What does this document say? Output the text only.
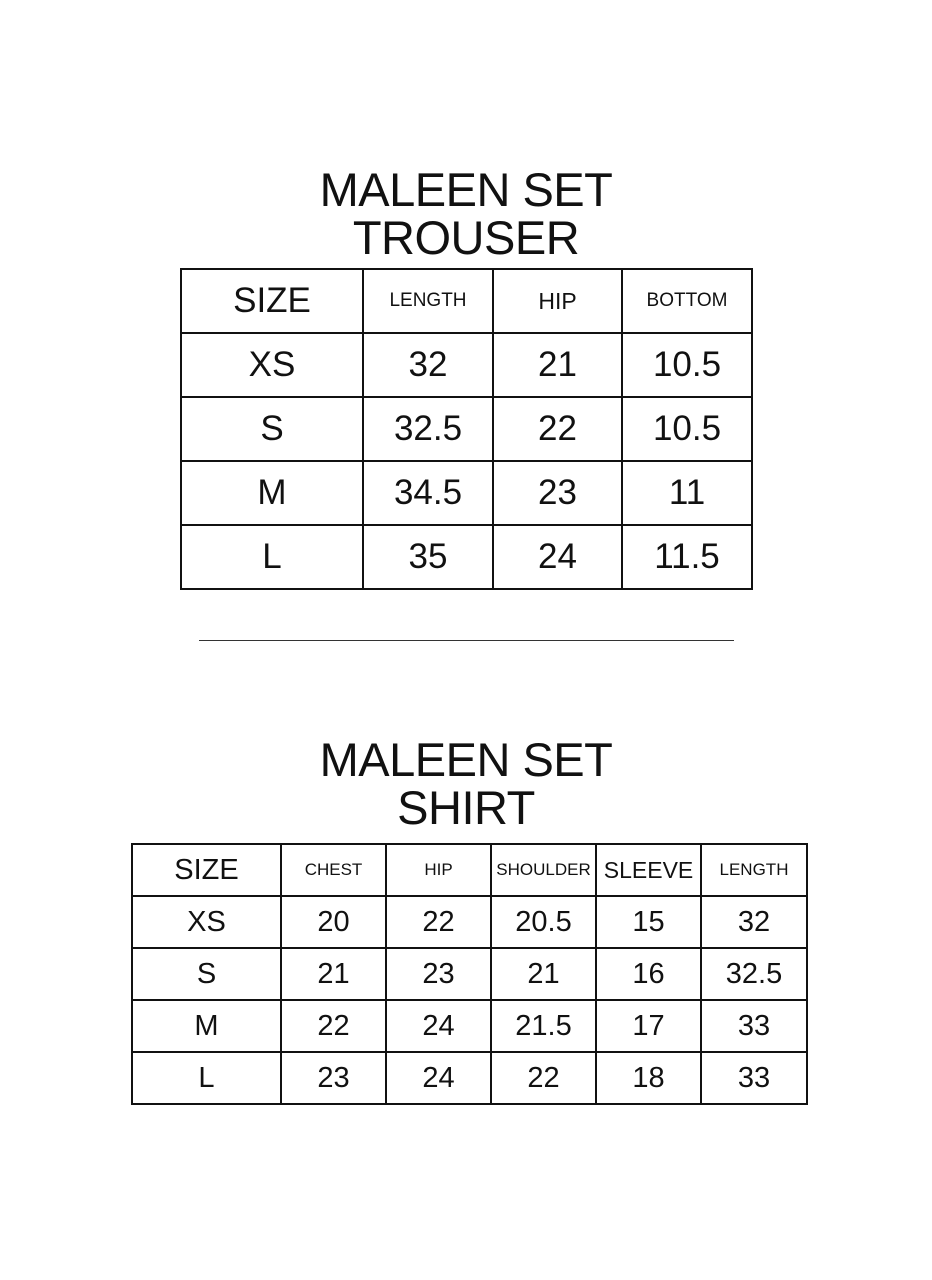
MALEEN SET
TROUSER
SIZE	LENGTH	HIP	BOTTOM
XS	32	21	10.5
S	32.5	22	10.5
M	34.5	23	11
L	35	24	11.5
MALEEN SET
SHIRT
SIZE	CHEST	HIP	SHOULDER	SLEEVE	LENGTH
XS	20	22	20.5	15	32
S	21	23	21	16	32.5
M	22	24	21.5	17	33
L	23	24	22	18	33
